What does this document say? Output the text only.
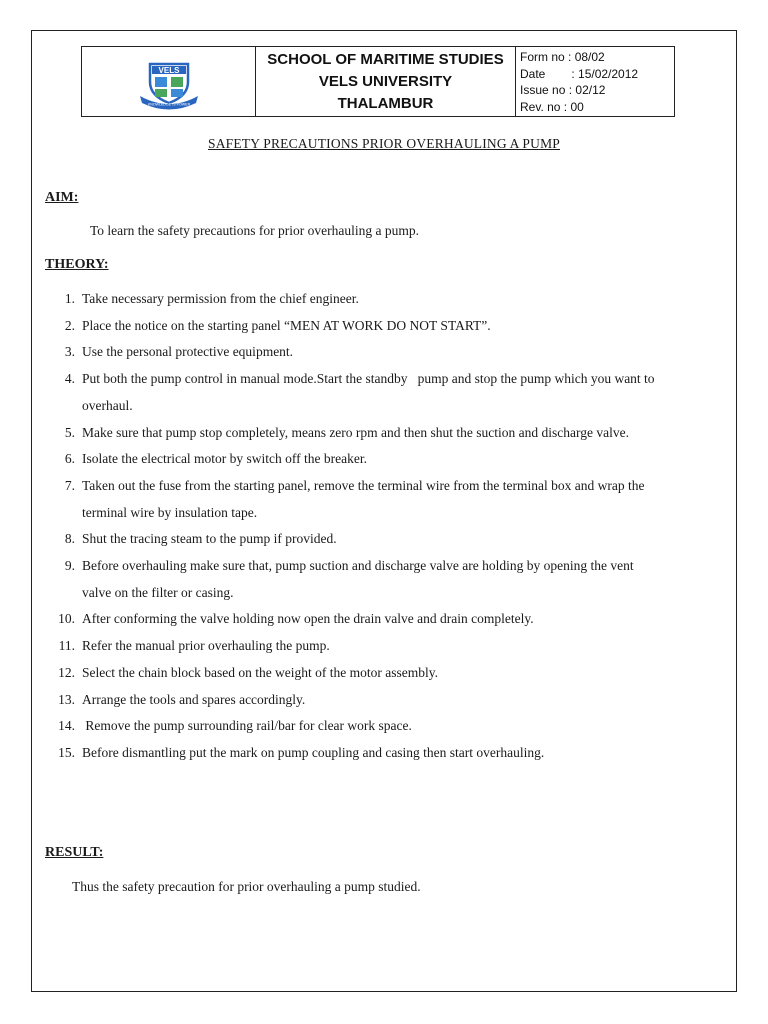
VELS
KNOWLEDGE IS POWER
SCHOOL OF MARITIME STUDIES
VELS UNIVERSITY
THALAMBUR
Form no : 08/02
Date : 15/02/2012
Issue no : 02/12
Rev. no : 00
SAFETY PRECAUTIONS PRIOR OVERHAULING A PUMP
AIM:
To learn the safety precautions for prior overhauling a pump.
THEORY:
1. Take necessary permission from the chief engineer.
2. Place the notice on the starting panel “MEN AT WORK DO NOT START”.
3. Use the personal protective equipment.
4. Put both the pump control in manual mode.Start the standby   pump and stop the pump which you want to
overhaul.
5. Make sure that pump stop completely, means zero rpm and then shut the suction and discharge valve.
6. Isolate the electrical motor by switch off the breaker.
7. Taken out the fuse from the starting panel, remove the terminal wire from the terminal box and wrap the
terminal wire by insulation tape.
8. Shut the tracing steam to the pump if provided.
9. Before overhauling make sure that, pump suction and discharge valve are holding by opening the vent
valve on the filter or casing.
10. After conforming the valve holding now open the drain valve and drain completely.
11. Refer the manual prior overhauling the pump.
12. Select the chain block based on the weight of the motor assembly.
13. Arrange the tools and spares accordingly.
14. Remove the pump surrounding rail/bar for clear work space.
15. Before dismantling put the mark on pump coupling and casing then start overhauling.
RESULT:
Thus the safety precaution for prior overhauling a pump studied.
